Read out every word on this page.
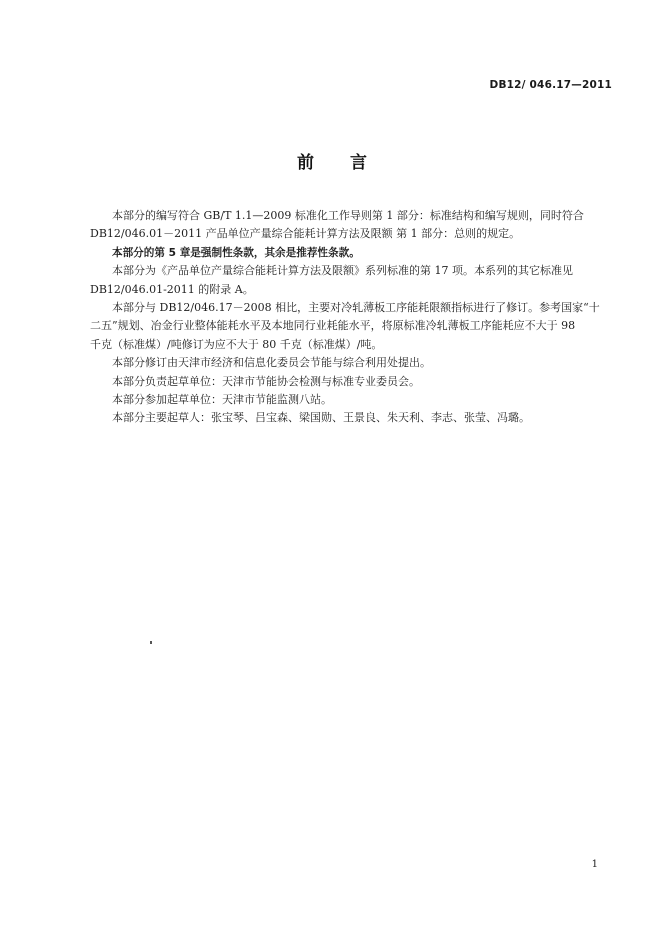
DB12/ 046.17—2011
前 言
本部分的编写符合 GB/T 1.1—2009 标准化工作导则第 1 部分：标准结构和编写规则，同时符合
DB12/046.01－2011 产品单位产量综合能耗计算方法及限额 第 1 部分：总则的规定。
本部分的第 5 章是强制性条款，其余是推荐性条款。
本部分为《产品单位产量综合能耗计算方法及限额》系列标准的第 17 项。本系列的其它标准见
DB12/046.01-2011 的附录 A。
本部分与 DB12/046.17－2008 相比，主要对冷轧薄板工序能耗限额指标进行了修订。参考国家“十
二五”规划、冶金行业整体能耗水平及本地同行业耗能水平，将原标准冷轧薄板工序能耗应不大于 98
千克（标准煤）/吨修订为应不大于 80 千克（标准煤）/吨。
本部分修订由天津市经济和信息化委员会节能与综合利用处提出。
本部分负责起草单位：天津市节能协会检测与标准专业委员会。
本部分参加起草单位：天津市节能监测八站。
本部分主要起草人：张宝琴、吕宝森、梁国勋、王景良、朱天利、李志、张莹、冯璐。
1
